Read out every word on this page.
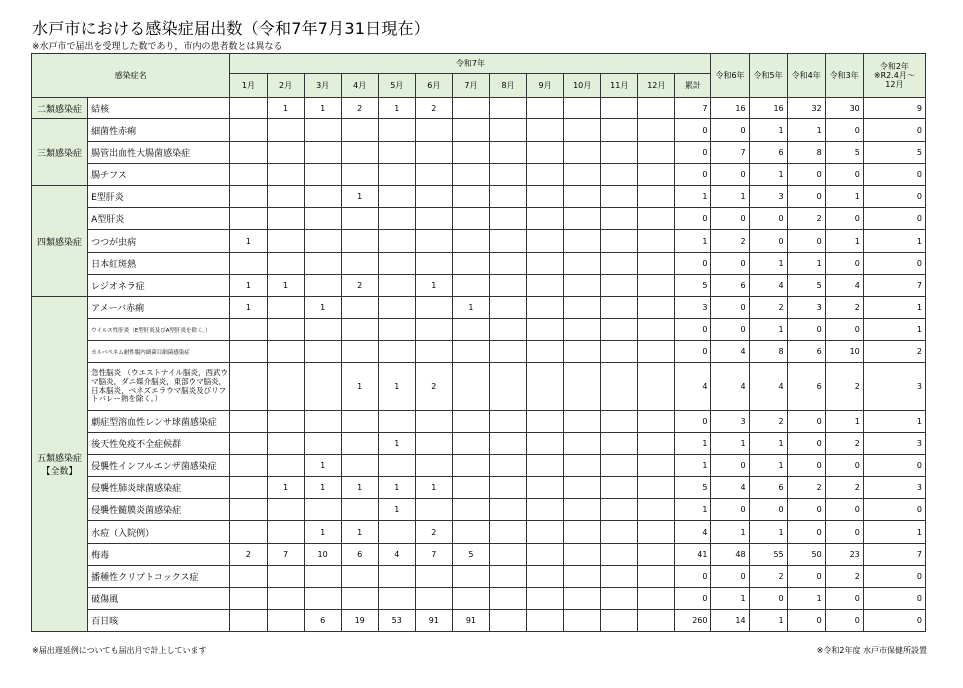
水戸市における感染症届出数（令和7年7月31日現在）
※水戸市で届出を受理した数であり，市内の患者数とは異なる
感染症名		令和7年													令和6年	令和5年	令和4年	令和3年	令和2年
※R2.4月～
12月

		1月	2月	3月	4月	5月	6月	7月	8月	9月	10月	11月	12月	累計					
二類感染症	結核		1	1	2	1	2							7	16	16	32	30	9
三類感染症	細菌性赤痢													0	0	1	1	0	0
	腸管出血性大腸菌感染症													0	7	6	8	5	5
	腸チフス													0	0	1	0	0	0
四類感染症	E型肝炎				1									1	1	3	0	1	0
	A型肝炎													0	0	0	2	0	0
	つつが虫病	1												1	2	0	0	1	1
	日本紅斑熱													0	0	1	1	0	0
	レジオネラ症	1	1		2		1							5	6	4	5	4	7

五類感染症
【全数】	アメーバ赤痢	1		1				1						3	0	2	3	2	1
	ウイルス性肝炎（E型肝炎及びA型肝炎を除く。）													0	0	1	0	0	1
	カルバペネム耐性腸内細菌目細菌感染症													0	4	8	6	10	2
	急性脳炎 （ウエストナイル脳炎，西武ウマ脳炎，ダニ媒介脳炎，東部ウマ脳炎，日本脳炎，ベネズエラウマ脳炎及びリフトバレー熱を除く。）				1	1	2							4	4	4	6	2	3
	劇症型溶血性レンサ球菌感染症													0	3	2	0	1	1
	後天性免疫不全症候群					1								1	1	1	0	2	3
	侵襲性インフルエンザ菌感染症			1										1	0	1	0	0	0
	侵襲性肺炎球菌感染症		1	1	1	1	1							5	4	6	2	2	3
	侵襲性髄膜炎菌感染症					1								1	0	0	0	0	0
	水痘（入院例）			1	1		2							4	1	1	0	0	1
	梅毒	2	7	10	6	4	7	5						41	48	55	50	23	7
	播種性クリプトコックス症													0	0	2	0	2	0
	破傷風													0	1	0	1	0	0
	百日咳			6	19	53	91	91						260	14	1	0	0	0
※届出遅延例についても届出月で計上しています	※令和2年度 水戸市保健所設置
